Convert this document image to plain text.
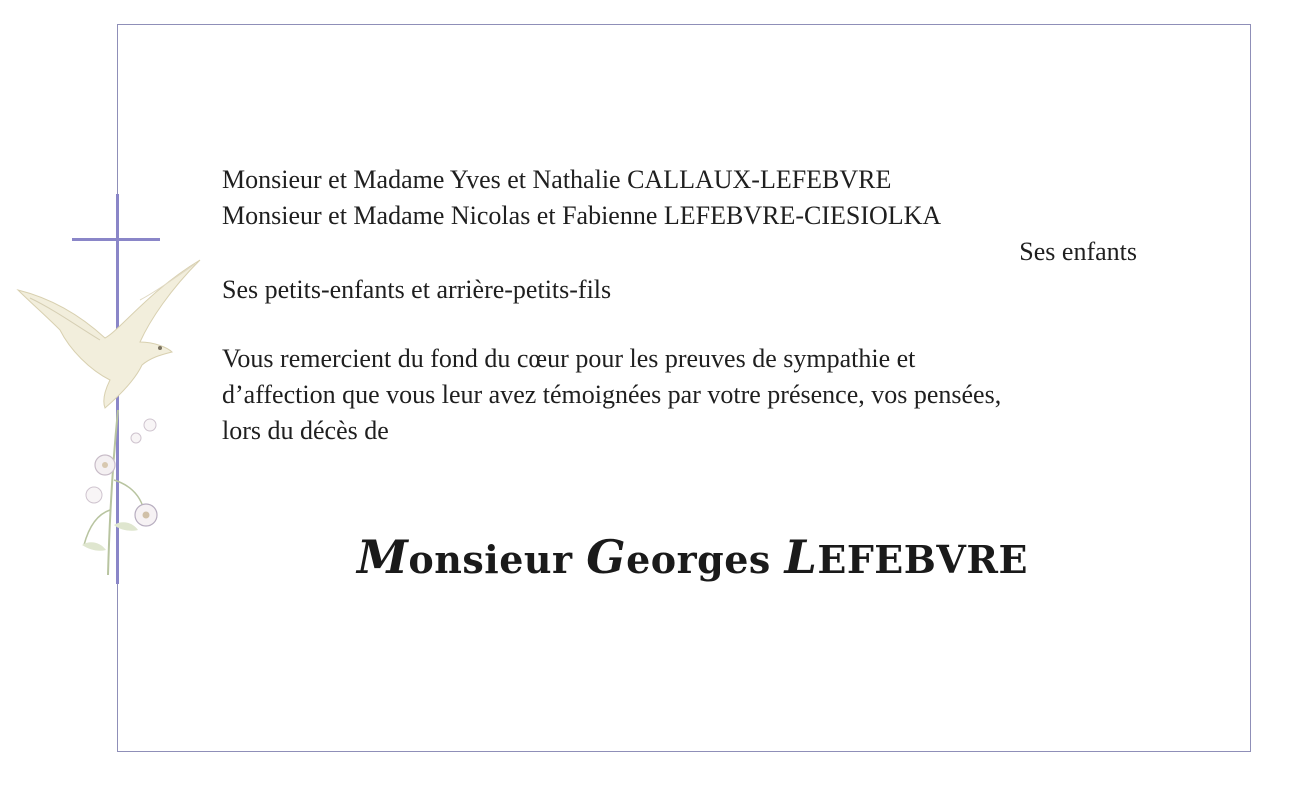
Monsieur et Madame Yves et Nathalie CALLAUX-LEFEBVRE
Monsieur et Madame Nicolas et Fabienne LEFEBVRE-CIESIOLKA
Ses enfants
Ses petits-enfants et arrière-petits-fils
Vous remercient du fond du cœur pour les preuves de sympathie et
d’affection que vous leur avez témoignées par votre présence, vos pensées,
lors du décès de
Monsieur Georges LEFEBVRE
